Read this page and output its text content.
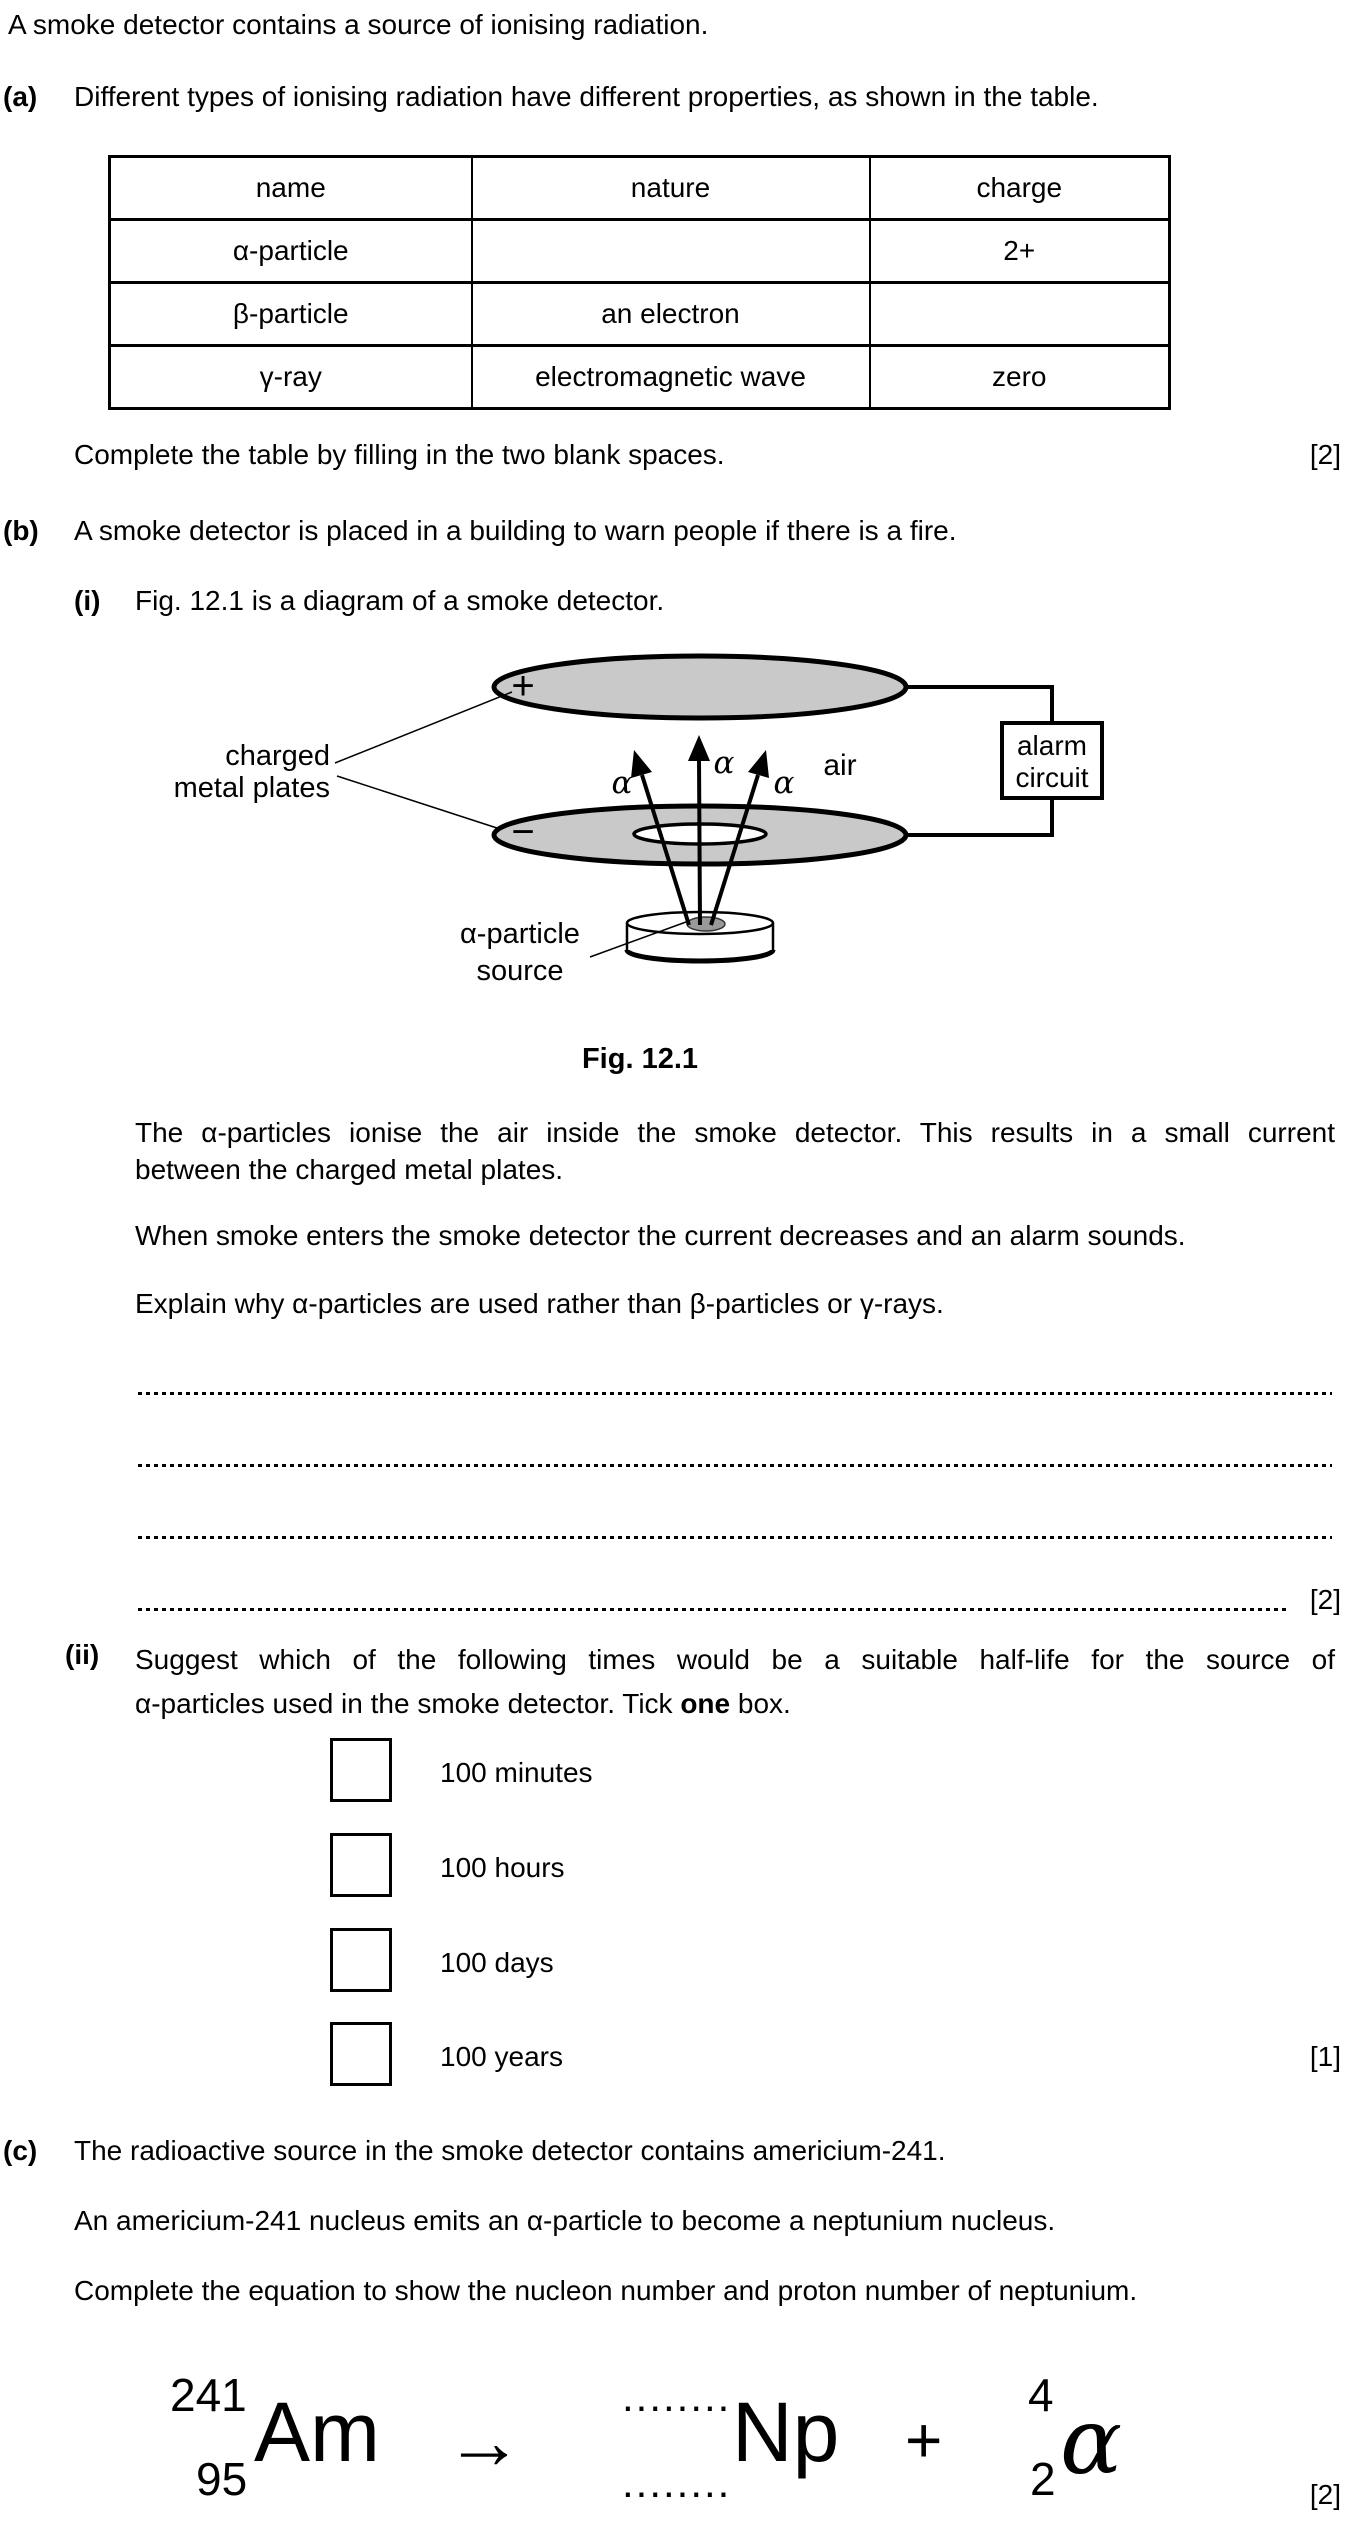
A smoke detector contains a source of ionising radiation.
(a) Different types of ionising radiation have different properties, as shown in the table.
name	nature	charge
α-particle		2+
β-particle	an electron	
γ-ray	electromagnetic wave	zero
Complete the table by filling in the two blank spaces.	[2]
(b) A smoke detector is placed in a building to warn people if there is a fire.
(i) Fig. 12.1 is a diagram of a smoke detector.
alarm
circuit
+
−
charged
metal plates	α
α
α air
α-particle
source
Fig. 12.1
The α-particles ionise the air inside the smoke detector. This results in a small current
between the charged metal plates.
When smoke enters the smoke detector the current decreases and an alarm sounds.
Explain why α-particles are used rather than β-particles or γ-rays.
[2]
(ii) Suggest which of the following times would be a suitable half-life for the source of
α-particles used in the smoke detector. Tick one box.
100 minutes
100 hours
100 days
100 years	[1]
(c) The radioactive source in the smoke detector contains americium-241.
An americium-241 nucleus emits an α-particle to become a neptunium nucleus.
Complete the equation to show the nucleon number and proton number of neptunium.
241
95 Am →
........
........
Np +
4
2 α	[2]
